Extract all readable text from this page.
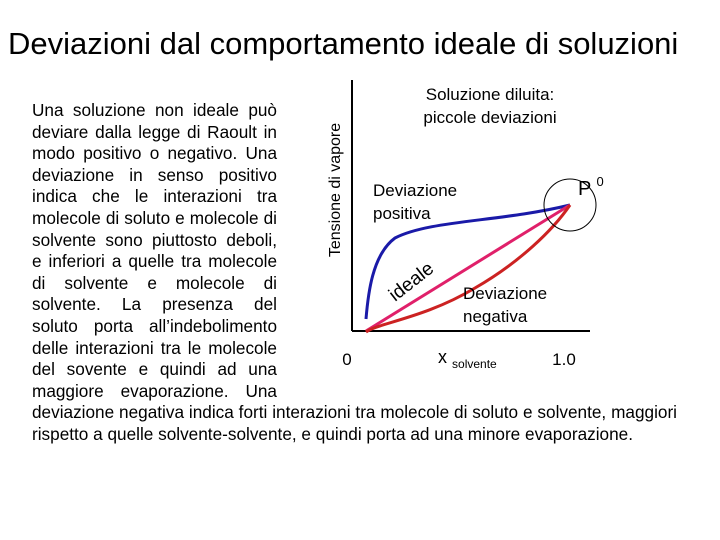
Deviazioni dal comportamento ideale di soluzioni
Una soluzione non ideale può deviare dalla legge di Raoult in modo positivo o negativo. Una deviazione in senso positivo indica che le interazioni tra molecole di soluto e molecole di solvente sono piuttosto deboli, e inferiori a quelle tra molecole di solvente e molecole di solvente. La presenza del soluto porta all’indebolimento delle interazioni tra le molecole del sovente e quindi ad una maggiore evaporazione. Una deviazione negativa indica forti interazioni tra molecole di soluto e solvente, maggiori rispetto a quelle solvente-solvente, e quindi porta ad una minore evaporazione.
Tensione di vapore
Soluzione diluita:
piccole deviazioni
P $^0$
Deviazione
positiva
Deviazione
negativa
ideale
0	1.0
x $_{solvente}$
